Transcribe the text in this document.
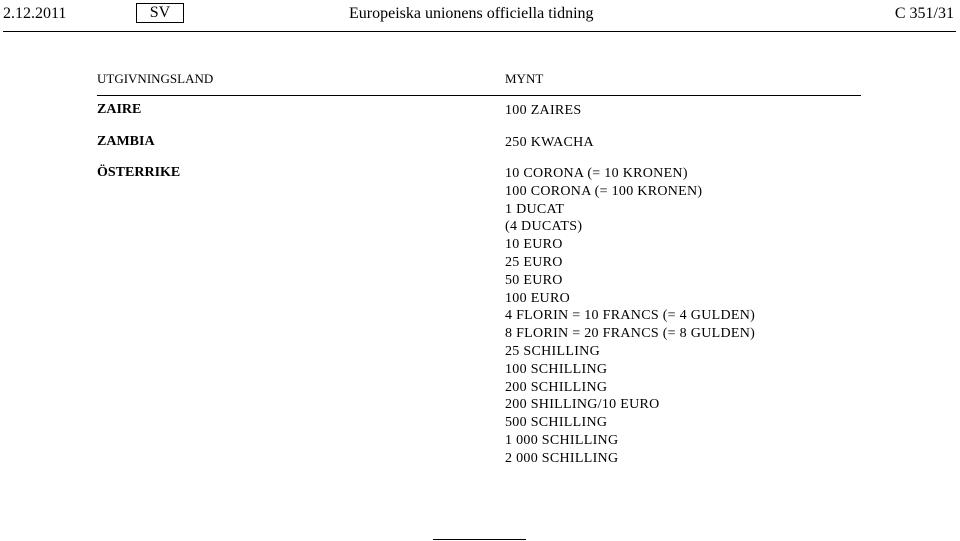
2.12.2011	SV	Europeiska unionens officiella tidning	C 351/31
UTGIVNINGSLAND	MYNT
ZAIRE	100 ZAIRES
ZAMBIA	250 KWACHA
ÖSTERRIKE	10 CORONA (= 10 KRONEN)
100 CORONA (= 100 KRONEN)
1 DUCAT
(4 DUCATS)
10 EURO
25 EURO
50 EURO
100 EURO
4 FLORIN = 10 FRANCS (= 4 GULDEN)
8 FLORIN = 20 FRANCS (= 8 GULDEN)
25 SCHILLING
100 SCHILLING
200 SCHILLING
200 SHILLING/10 EURO
500 SCHILLING
1 000 SCHILLING
2 000 SCHILLING
